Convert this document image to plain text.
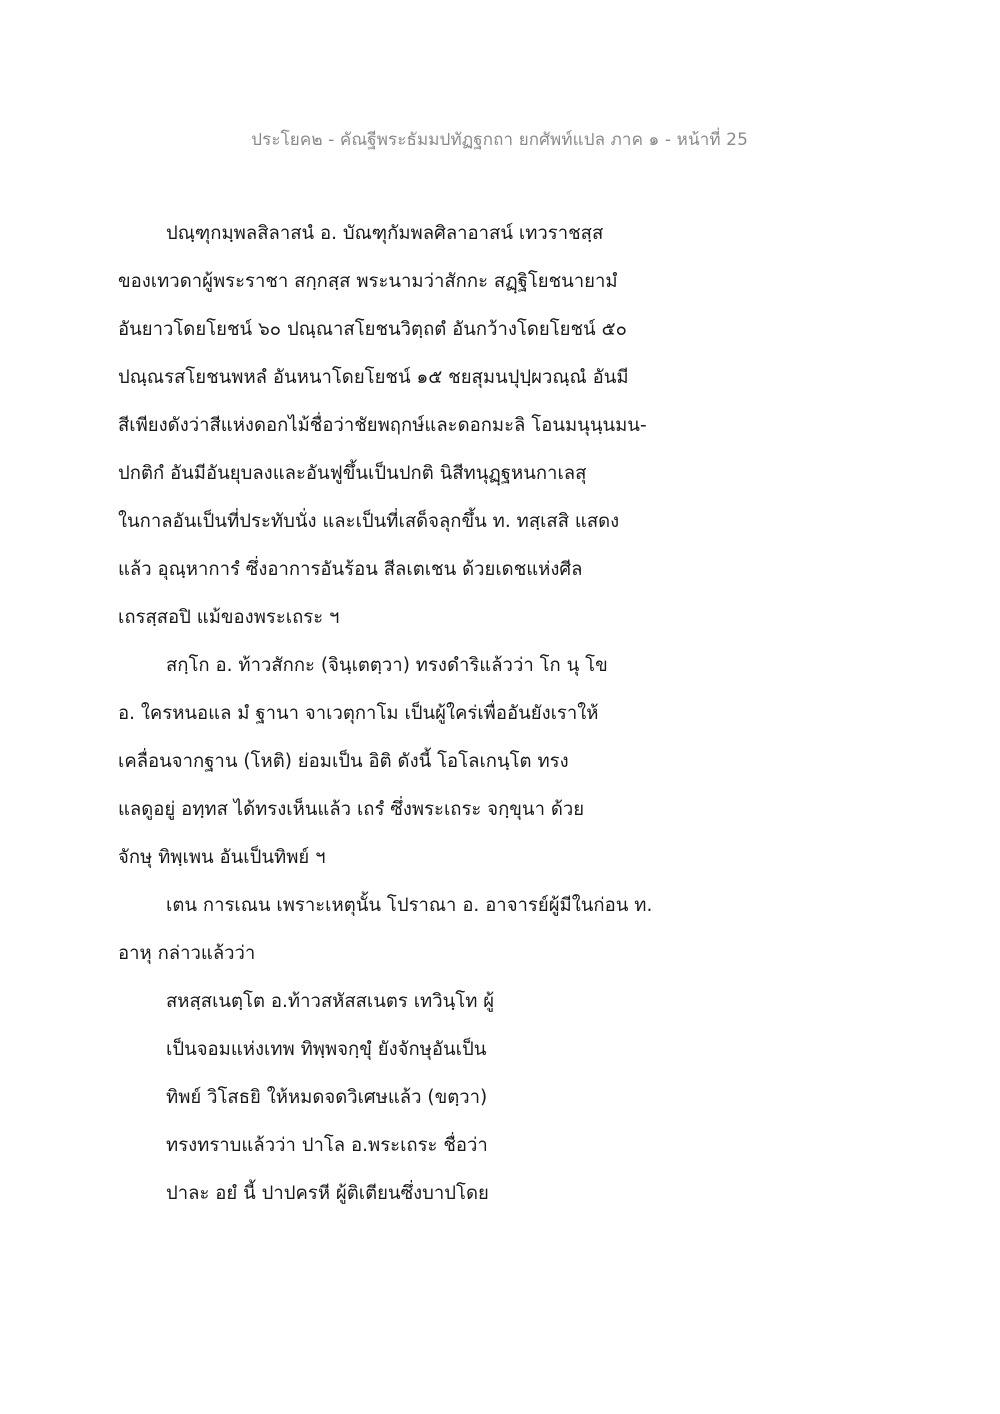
ประโยค๒ - คัณฐีพระธัมมปทัฏฐกถา ยกศัพท์แปล ภาค ๑ - หน้าที่ 25
ปณฺฑุกมฺพลสิลาสนํ อ. บัณฑุกัมพลศิลาอาสน์ เทวราชสฺส
ของเทวดาผู้พระราชา สกฺกสฺส พระนามว่าสักกะ สฏฺฐิโยชนายามํ
อันยาวโดยโยชน์ ๖๐ ปณฺณาสโยชนวิตฺถตํ อันกว้างโดยโยชน์ ๕๐
ปณฺณรสโยชนพหลํ อันหนาโดยโยชน์ ๑๕ ชยสุมนปุปฺผวณฺณํ อันมี
สีเพียงดังว่าสีแห่งดอกไม้ชื่อว่าชัยพฤกษ์และดอกมะลิ โอนมนุนฺนมน-
ปกติกํ อันมีอันยุบลงและอันฟูขึ้นเป็นปกติ นิสีทนุฏฺฐหนกาเลสุ
ในกาลอันเป็นที่ประทับนั่ง และเป็นที่เสด็จลุกขึ้น ท. ทสฺเสสิ แสดง
แล้ว อุณฺหาการํ ซึ่งอาการอันร้อน สีลเตเชน ด้วยเดชแห่งศีล
เถรสฺสอปิ แม้ของพระเถระ ฯ
สกฺโก อ. ท้าวสักกะ (จินฺเตตฺวา) ทรงดำริแล้วว่า โก นุ โข
อ. ใครหนอแล มํ ฐานา จาเวตุกาโม เป็นผู้ใคร่เพื่ออันยังเราให้
เคลื่อนจากฐาน (โหติ) ย่อมเป็น อิติ ดังนี้ โอโลเกนฺโต ทรง
แลดูอยู่ อทฺทส ได้ทรงเห็นแล้ว เถรํ ซึ่งพระเถระ จกฺขุนา ด้วย
จักษุ ทิพฺเพน อันเป็นทิพย์ ฯ
เตน การเณน เพราะเหตุนั้น โปราณา อ. อาจารย์ผู้มีในก่อน ท.
อาหุ กล่าวแล้วว่า
สหสฺสเนตฺโต อ.ท้าวสหัสสเนตร เทวินฺโท ผู้
เป็นจอมแห่งเทพ ทิพฺพจกฺขุํ ยังจักษุอันเป็น
ทิพย์ วิโสธยิ ให้หมดจดวิเศษแล้ว (ขตฺวา)
ทรงทราบแล้วว่า ปาโล อ.พระเถระ ชื่อว่า
ปาละ อยํ นี้ ปาปครหี ผู้ติเตียนซึ่งบาปโดย
